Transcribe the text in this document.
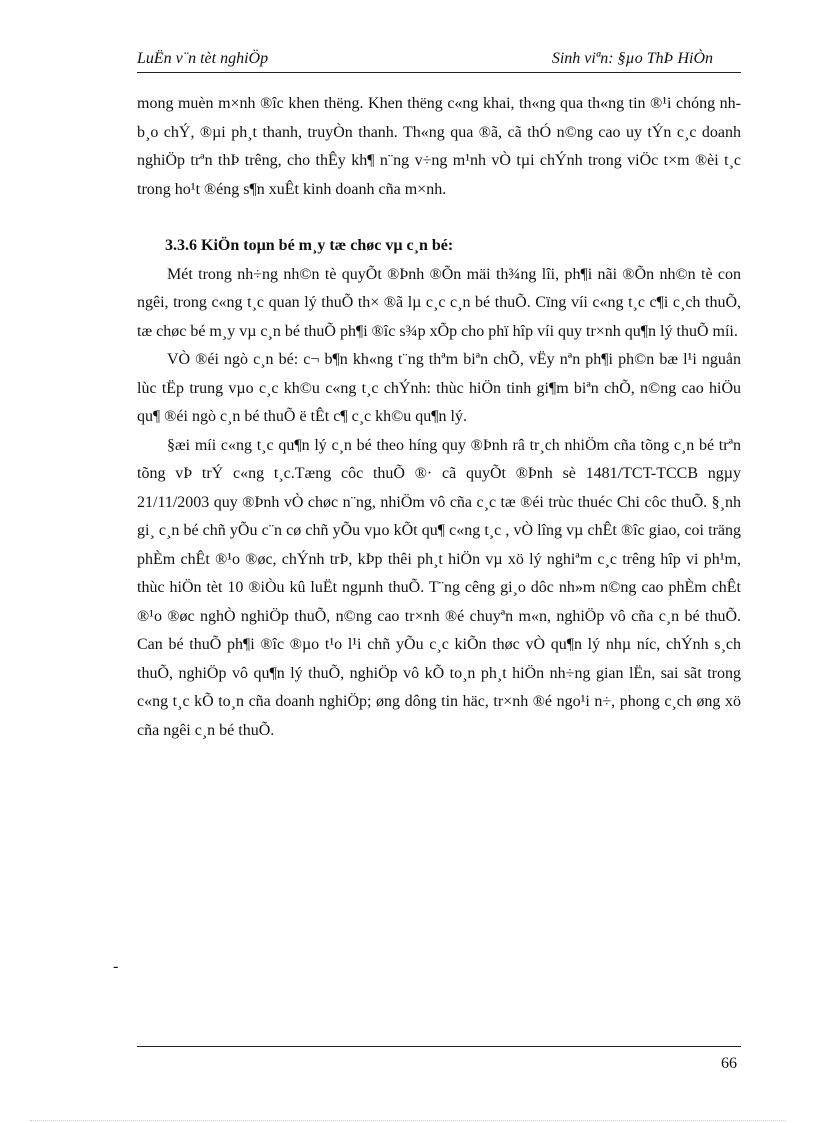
LuËn v¨n tèt nghiÖp	Sinh viªn: §µo ThÞ HiÒn

mong muèn m×nh ®îc khen thëng. Khen thëng c«ng khai, th«ng qua th«ng tin ®¹i chóng nh b¸o chÝ, ®µi ph¸t thanh, truyÒn thanh. Th«ng qua ®ã, cã thÓ n©ng cao uy tÝn c¸c doanh nghiÖp trªn thÞ trêng, cho thÊy kh¶ n¨ng v÷ng m¹nh vÒ tµi chÝnh trong viÖc t×m ®èi t¸c trong ho¹t ®éng s¶n xuÊt kinh doanh cña m×nh.

3.3.6 KiÖn toµn bé m¸y tæ chøc vµ c¸n bé:

Mét trong nh÷ng nh©n tè quyÕt ®Þnh ®Õn mäi th¾ng lîi, ph¶i nãi ®Õn nh©n tè con ngêi, trong c«ng t¸c quan lý thuÕ th× ®ã lµ c¸c c¸n bé thuÕ. Cïng víi c«ng t¸c c¶i c¸ch thuÕ, tæ chøc bé m¸y vµ c¸n bé thuÕ ph¶i ®îc s¾p xÕp cho phï hîp víi quy tr×nh qu¶n lý thuÕ míi.

VÒ ®éi ngò c¸n bé: c¬ b¶n kh«ng t¨ng thªm biªn chÕ, vËy nªn ph¶i ph©n bæ l¹i nguån lùc tËp trung vµo c¸c kh©u c«ng t¸c chÝnh: thùc hiÖn tinh gi¶m biªn chÕ, n©ng cao hiÖu qu¶ ®éi ngò c¸n bé thuÕ ë tÊt c¶ c¸c kh©u qu¶n lý.

§æi míi c«ng t¸c qu¶n lý c¸n bé theo híng quy ®Þnh râ tr¸ch nhiÖm cña tõng c¸n bé trªn tõng vÞ trÝ c«ng t¸c.Tæng côc thuÕ ®· cã quyÕt ®Þnh sè 1481/TCT-TCCB ngµy 21/11/2003 quy ®Þnh vÒ chøc n¨ng, nhiÖm vô cña c¸c tæ ®éi trùc thuéc Chi côc thuÕ. §¸nh gi¸ c¸n bé chñ yÕu c¨n cø chñ yÕu vµo kÕt qu¶ c«ng t¸c , vÒ lîng vµ chÊt ®îc giao, coi träng phÈm chÊt ®¹o ®øc, chÝnh trÞ, kÞp thêi ph¸t hiÖn vµ xö lý nghiªm c¸c trêng hîp vi ph¹m, thùc hiÖn tèt 10 ®iÒu kû luËt ngµnh thuÕ. T¨ng cêng gi¸o dôc nh»m n©ng cao phÈm chÊt ®¹o ®øc nghÒ nghiÖp thuÕ, n©ng cao tr×nh ®é chuyªn m«n, nghiÖp vô cña c¸n bé thuÕ. Can bé thuÕ ph¶i ®îc ®µo t¹o l¹i chñ yÕu c¸c kiÕn thøc vÒ qu¶n lý nhµ níc, chÝnh s¸ch thuÕ, nghiÖp vô qu¶n lý thuÕ, nghiÖp vô kÕ to¸n ph¸t hiÖn nh÷ng gian lËn, sai sãt trong c«ng t¸c kÕ to¸n cña doanh nghiÖp; øng dông tin häc, tr×nh ®é ngo¹i n÷, phong c¸ch øng xö cña ngêi c¸n bé thuÕ.

-
66
